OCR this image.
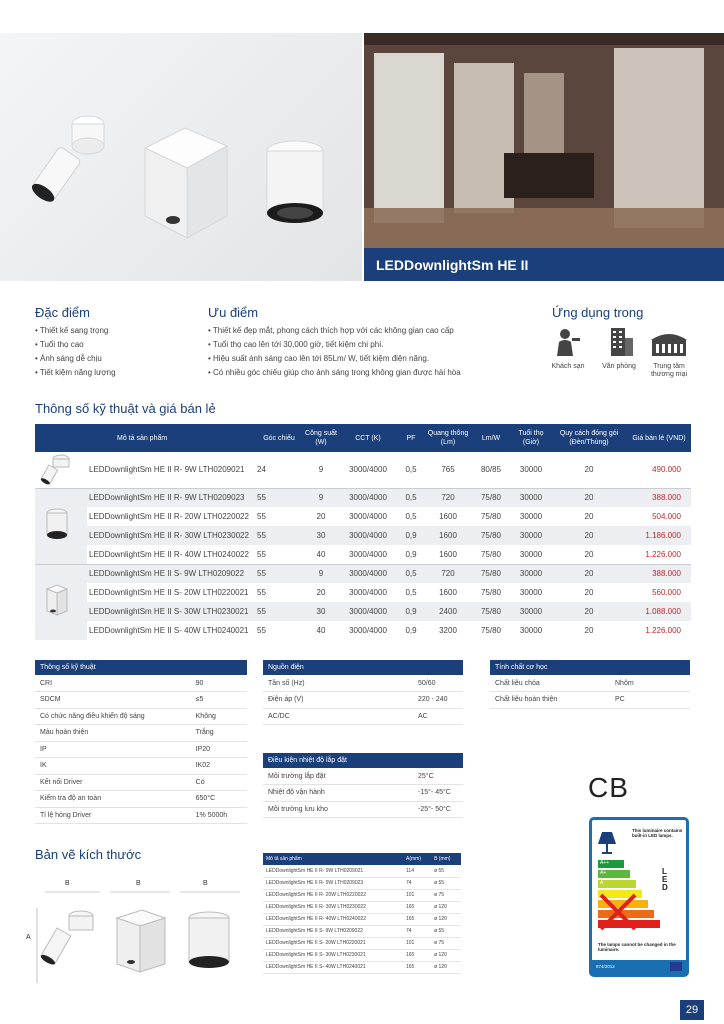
LEDDownlightSm HE II
Đặc điểm
• Thiết kế sang trọng
• Tuổi thọ cao
• Ánh sáng dễ chịu
• Tiết kiệm năng lượng
Ưu điểm
• Thiết kế đẹp mắt, phong cách thích hợp với các không gian cao cấp
• Tuổi thọ cao lên tới 30,000 giờ, tiết kiệm chi phí.
• Hiệu suất ánh sáng cao lên tới 85Lm/ W, tiết kiệm điện năng.
• Có nhiều góc chiếu giúp cho ánh sáng trong không gian được hài hòa
Ứng dụng trong
Khách sạn	Văn phòng	Trung tâm thương mại
Thông số kỹ thuật và giá bán lẻ
	Mô tả sản phẩm	Góc chiếu	Công suất (W)	CCT (K)	PF	Quang thông (Lm)	Lm/W	Tuổi thọ (Giờ)	Quy cách đóng gói (Đèn/Thùng)	Giá bán lẻ (VND)
	LEDDownlightSm HE II R- 9W LTH0209021	24	9	3000/4000	0,5	765	80/85	30000	20	490.000
	LEDDownlightSm HE II R- 9W LTH0209023	55	9	3000/4000	0,5	720	75/80	30000	20	388.000
	LEDDownlightSm HE II R- 20W LTH0220022	55	20	3000/4000	0,5	1600	75/80	30000	20	504.000
	LEDDownlightSm HE II R- 30W LTH0230022	55	30	3000/4000	0,9	1600	75/80	30000	20	1.186.000
	LEDDownlightSm HE II R- 40W LTH0240022	55	40	3000/4000	0,9	1600	75/80	30000	20	1.226.000
	LEDDownlightSm HE II S- 9W LTH0209022	55	9	3000/4000	0,5	720	75/80	30000	20	388.000
	LEDDownlightSm HE II S- 20W LTH0220021	55	20	3000/4000	0,5	1600	75/80	30000	20	560.000
	LEDDownlightSm HE II S- 30W LTH0230021	55	30	3000/4000	0,9	2400	75/80	30000	20	1.088.000
	LEDDownlightSm HE II S- 40W LTH0240021	55	40	3000/4000	0,9	3200	75/80	30000	20	1.226.000
Thông số kỹ thuật	
CRI	90
SDCM	≤5
Có chức năng điều khiển độ sáng	Không
Màu hoàn thiện	Trắng
IP	IP20
IK	IK02
Kết nối Driver	Có
Kiểm tra độ an toàn	650°C
Tỉ lệ hỏng Driver	1% 5000h
Nguồn điện	
Tần số (Hz)	50/60
Điện áp (V)	220 - 240
AC/DC	AC
Tính chất cơ học	
Chất liệu chóa	Nhôm
Chất liệu hoàn thiện	PC
Điều kiện nhiệt độ lắp đặt	
Môi trường lắp đặt	25°C
Nhiệt độ vận hành	-15°- 45°C
Môi trường lưu kho	-25°- 50°C
Bản vẽ kích thước
B	B	B
A
Mô tả sản phẩm	A(mm)	B (mm)
LEDDownlightSm HE II R- 9W LTH0209021	114	ø 55
LEDDownlightSm HE II R- 9W LTH0209023	74	ø 55
LEDDownlightSm HE II R- 20W LTH0220022	101	ø 75
LEDDownlightSm HE II R- 30W LTH0230022	165	ø 120
LEDDownlightSm HE II R- 40W LTH0240022	165	ø 120
LEDDownlightSm HE II S- 9W LTH0209022	74	ø 55
LEDDownlightSm HE II S- 20W LTH0220021	101	ø 75
LEDDownlightSm HE II S- 30W LTH0230021	165	ø 120
LEDDownlightSm HE II S- 40W LTH0240021	165	ø 120
CB
This luminaire contains built-in LED lamps.
A++
A+
A
L
E
D
The lamps cannot be changed in the luminaire.
874/2012
29
